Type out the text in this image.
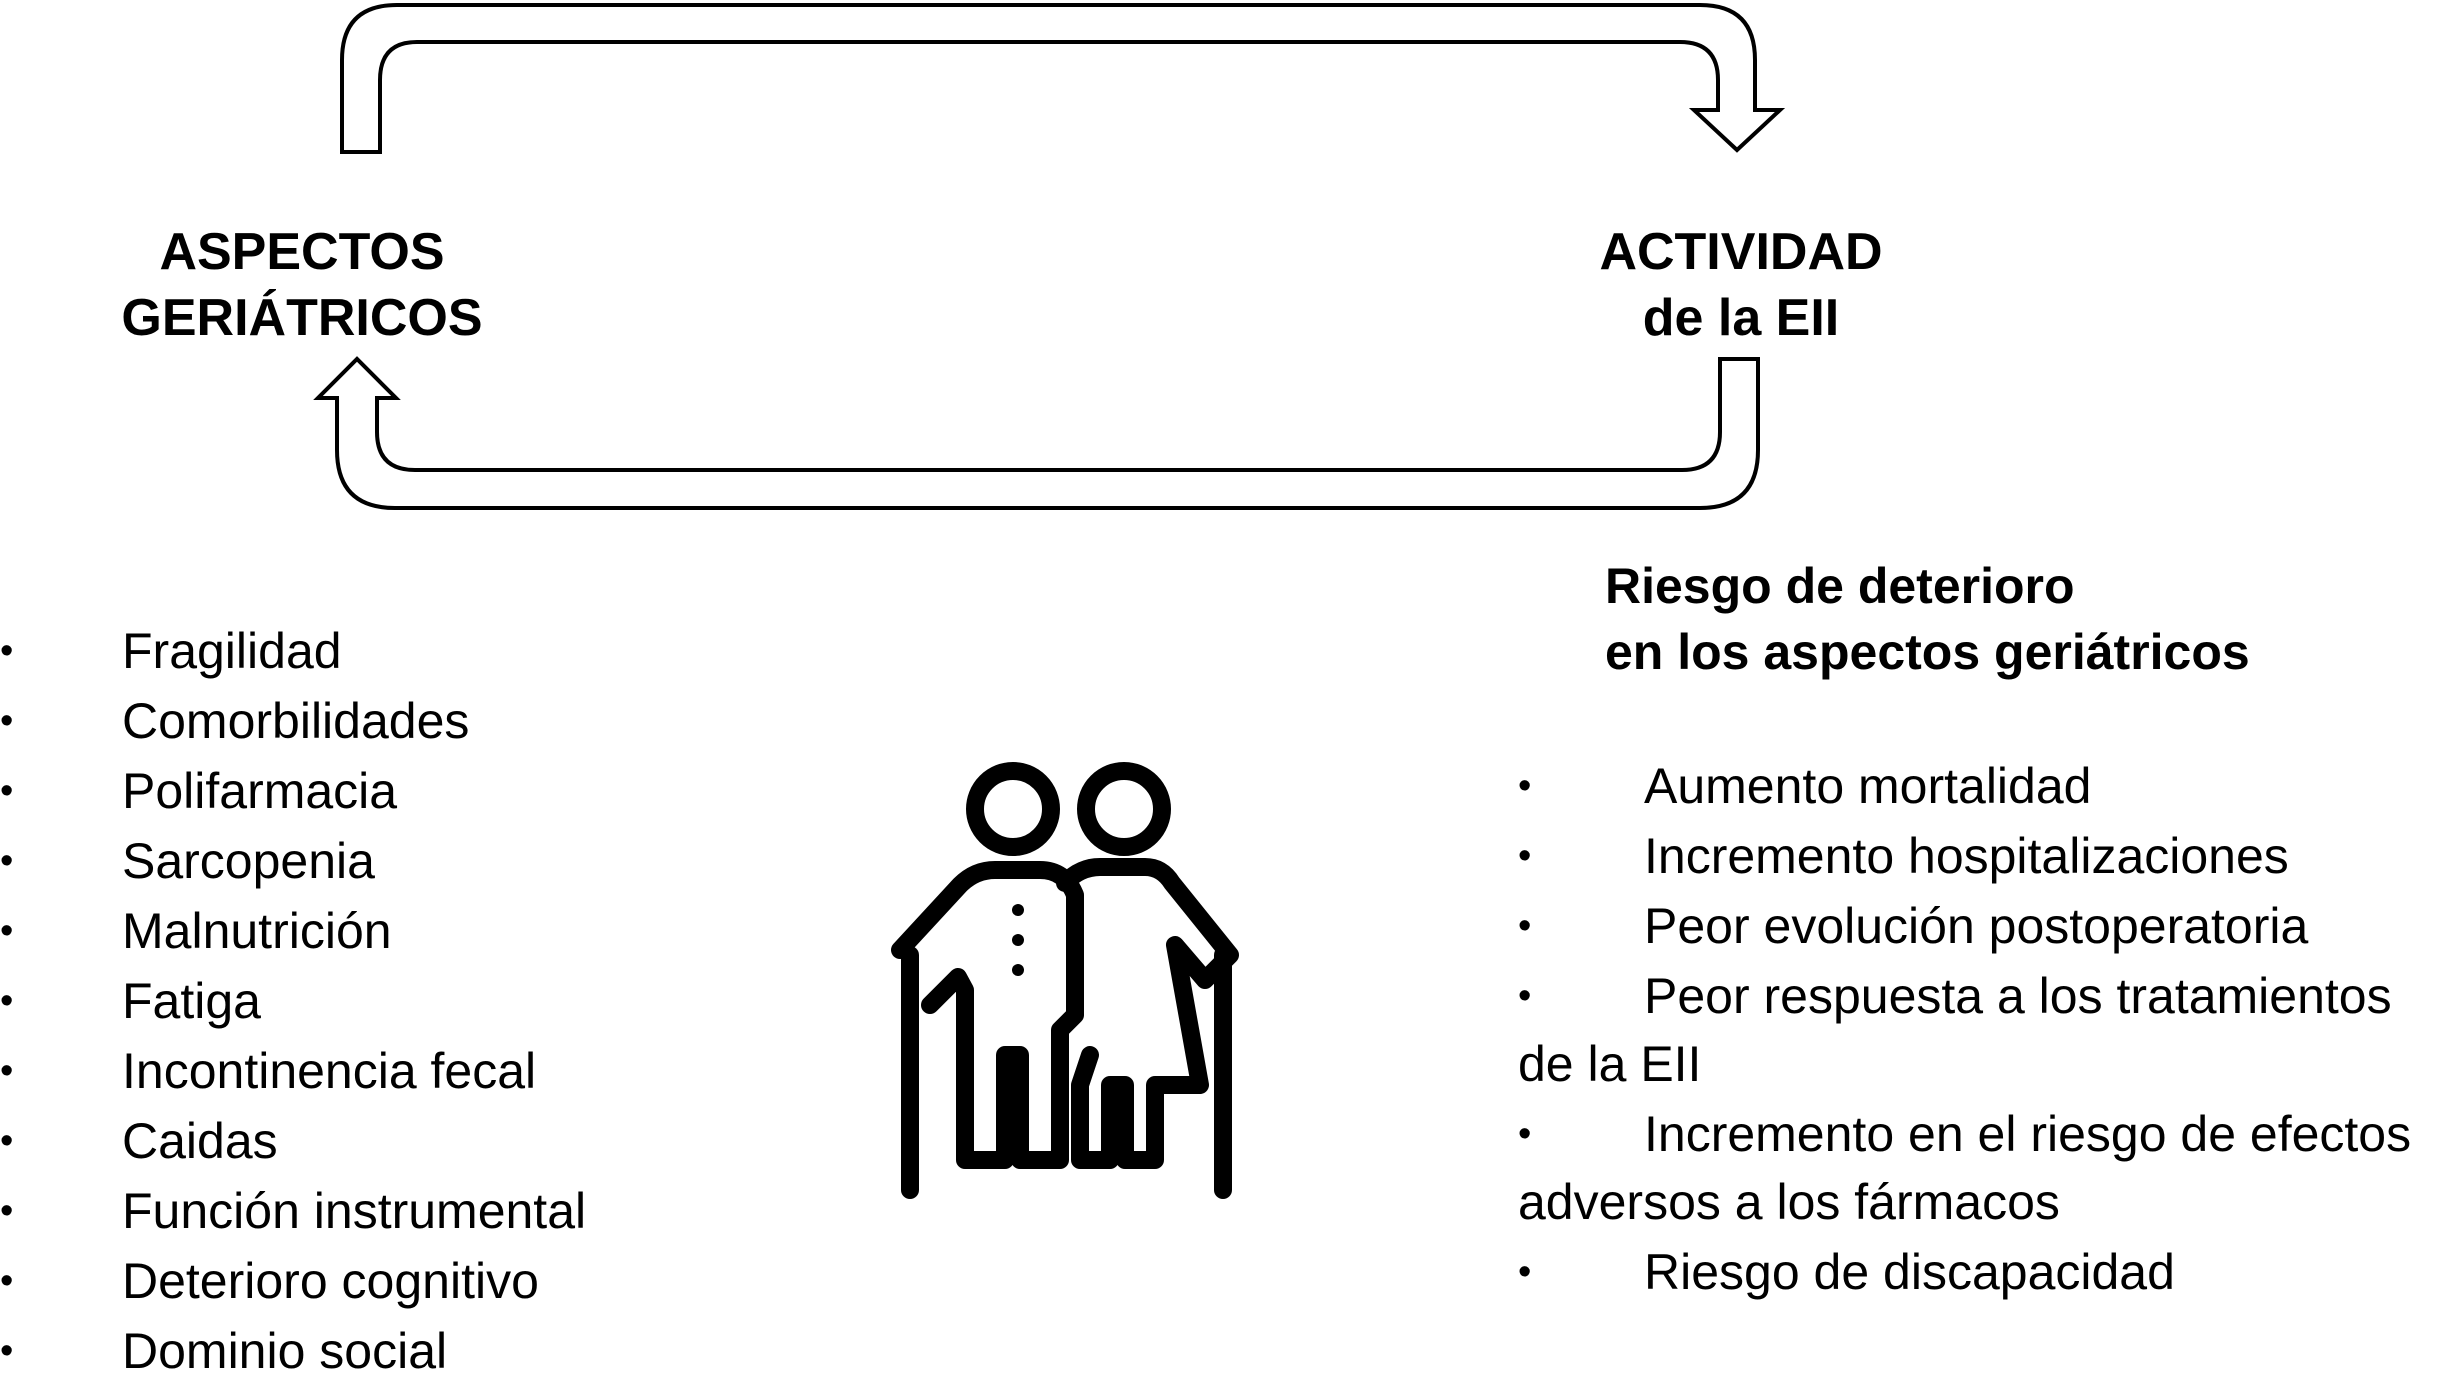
ASPECTOS
GERIÁTRICOS
ACTIVIDAD
de la EII
• Fragilidad
• Comorbilidades
• Polifarmacia
• Sarcopenia
• Malnutrición
• Fatiga
• Incontinencia fecal
• Caidas
• Función instrumental
• Deterioro cognitivo
• Dominio social
Riesgo de deterioro
en los aspectos geriátricos
• Aumento mortalidad
• Incremento hospitalizaciones
• Peor evolución postoperatoria
• Peor respuesta a los tratamientos
de la EII
• Incremento en el riesgo de efectos
adversos a los fármacos
• Riesgo de discapacidad
